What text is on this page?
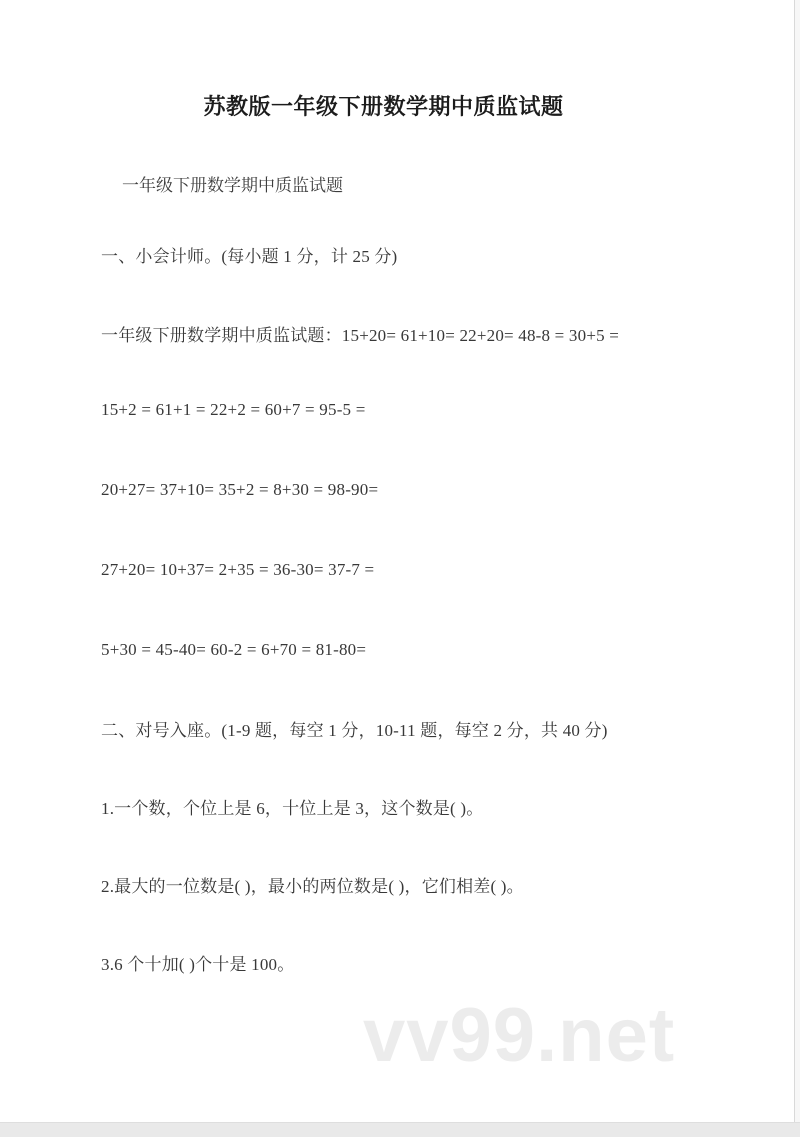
苏教版一年级下册数学期中质监试题
一年级下册数学期中质监试题
一、小会计师。(每小题 1 分，计 25 分)
一年级下册数学期中质监试题：15+20= 61+10= 22+20= 48-8 = 30+5 =
15+2 = 61+1 = 22+2 = 60+7 = 95-5 =
20+27= 37+10= 35+2 = 8+30 = 98-90=
27+20= 10+37= 2+35 = 36-30= 37-7 =
5+30 = 45-40= 60-2 = 6+70 = 81-80=
二、对号入座。(1-9 题，每空 1 分，10-11 题，每空 2 分，共 40 分)
1.一个数，个位上是 6，十位上是 3，这个数是( )。
2.最大的一位数是( )，最小的两位数是( )，它们相差( )。
3.6 个十加( )个十是 100。
vv99.net
